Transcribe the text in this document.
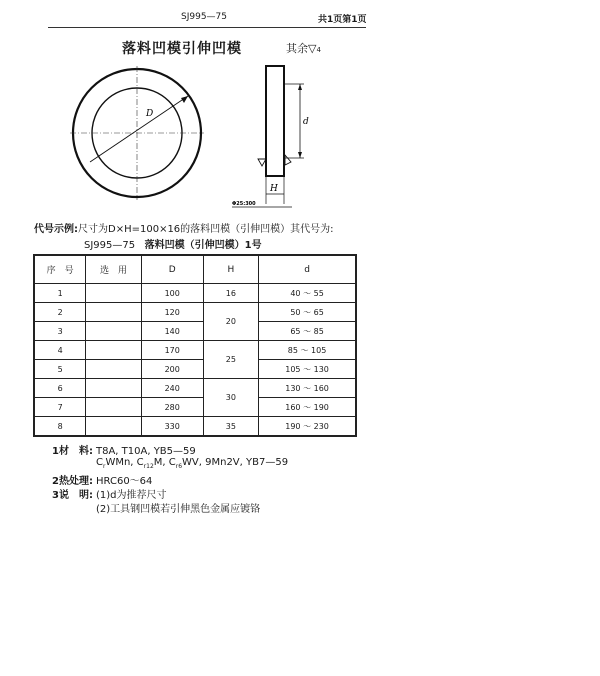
SJ995—75	共1页第1页
落料凹模引伸凹模	其余▽4
D
d
H
Φ25:300
代号示例:尺寸为D×H=100×16的落料凹模（引伸凹模）其代号为:
SJ995—75 落料凹模（引伸凹模）1号
序　号	选　用	D	H	d
1		100	16	40 ～ 55
2		120	20	50 ～ 65
3		140		65 ～ 85
4		170	25	85 ～ 105
5		200		105 ～ 130
6		240	30	130 ～ 160
7		280		160 ～ 190
8		330	35	190 ～ 230
1材　料: T8A, T10A, YB5—59
$C_rWMn$, $C_{r12}M$, $C_{r6}WV$, 9Mn2V, YB7—59
2热处理: HRC60～64
3说　明: (1)d为推荐尺寸
(2)工具钢凹模若引伸黑色金属应镀铬
